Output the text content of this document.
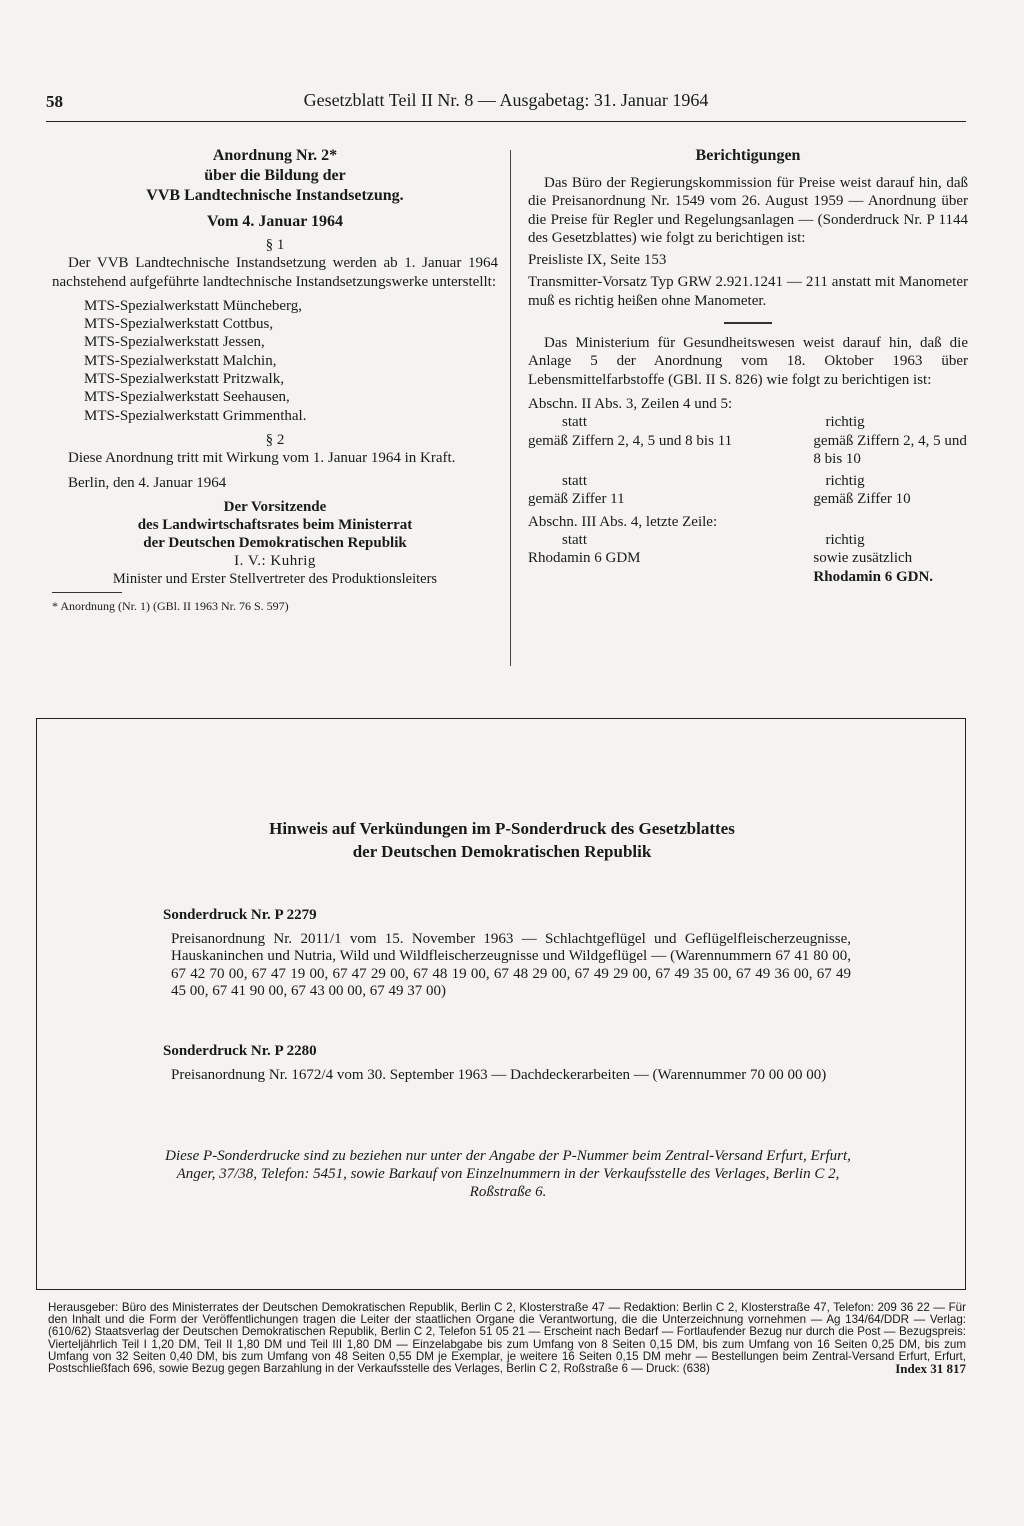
58	Gesetzblatt Teil II Nr. 8 — Ausgabetag: 31. Januar 1964
Anordnung Nr. 2*
über die Bildung der
VVB Landtechnische Instandsetzung.
Vom 4. Januar 1964
§ 1

Der VVB Landtechnische Instandsetzung werden ab 1. Januar 1964 nachstehend aufgeführte landtechnische Instandsetzungswerke unterstellt:

MTS-Spezialwerkstatt Müncheberg,
MTS-Spezialwerkstatt Cottbus,
MTS-Spezialwerkstatt Jessen,
MTS-Spezialwerkstatt Malchin,
MTS-Spezialwerkstatt Pritzwalk,
MTS-Spezialwerkstatt Seehausen,
MTS-Spezialwerkstatt Grimmenthal.
§ 2

Diese Anordnung tritt mit Wirkung vom 1. Januar 1964 in Kraft.

Berlin, den 4. Januar 1964

Der Vorsitzende
des Landwirtschaftsrates beim Ministerrat
der Deutschen Demokratischen Republik
I. V.: Kuhrig
Minister und Erster Stellvertreter des Produktionsleiters
* Anordnung (Nr. 1) (GBl. II 1963 Nr. 76 S. 597)
Berichtigungen

Das Büro der Regierungskommission für Preise weist darauf hin, daß die Preisanordnung Nr. 1549 vom 26. August 1959 — Anordnung über die Preise für Regler und Regelungsanlagen — (Sonderdruck Nr. P 1144 des Gesetzblattes) wie folgt zu berichtigen ist:

Preisliste IX, Seite 153

Transmitter-Vorsatz Typ GRW 2.921.1241 — 211 anstatt mit Manometer muß es richtig heißen ohne Manometer.

Das Ministerium für Gesundheitswesen weist darauf hin, daß die Anlage 5 der Anordnung vom 18. Oktober 1963 über Lebensmittelfarbstoffe (GBl. II S. 826) wie folgt zu berichtigen ist:

Abschn. II Abs. 3, Zeilen 4 und 5:
statt	richtig
gemäß Ziffern 2, 4, 5 und 8 bis 11	gemäß Ziffern 2, 4, 5 und 8 bis 10
statt	richtig
gemäß Ziffer 11	gemäß Ziffer 10
Abschn. III Abs. 4, letzte Zeile:
statt	richtig
Rhodamin 6 GDM	sowie zusätzlich
Rhodamin 6 GDN.
Hinweis auf Verkündungen im P-Sonderdruck des Gesetzblattes
der Deutschen Demokratischen Republik
Sonderdruck Nr. P 2279
Preisanordnung Nr. 2011/1 vom 15. November 1963 — Schlachtgeflügel und Geflügelfleischerzeugnisse, Hauskaninchen und Nutria, Wild und Wildfleischerzeugnisse und Wildgeflügel — (Warennummern 67 41 80 00, 67 42 70 00, 67 47 19 00, 67 47 29 00, 67 48 19 00, 67 48 29 00, 67 49 29 00, 67 49 35 00, 67 49 36 00, 67 49 45 00, 67 41 90 00, 67 43 00 00, 67 49 37 00)
Sonderdruck Nr. P 2280
Preisanordnung Nr. 1672/4 vom 30. September 1963 — Dachdeckerarbeiten — (Warennummer 70 00 00 00)
Diese P-Sonderdrucke sind zu beziehen nur unter der Angabe der P-Nummer beim Zentral-Versand Erfurt, Erfurt, Anger, 37/38, Telefon: 5451, sowie Barkauf von Einzelnummern in der Verkaufsstelle des Verlages, Berlin C 2, Roßstraße 6.
Herausgeber: Büro des Ministerrates der Deutschen Demokratischen Republik, Berlin C 2, Klosterstraße 47 — Redaktion: Berlin C 2, Klosterstraße 47, Telefon: 209 36 22 — Für den Inhalt und die Form der Veröffentlichungen tragen die Leiter der staatlichen Organe die Verantwortung, die die Unterzeichnung vornehmen — Ag 134/64/DDR — Verlag: (610/62) Staatsverlag der Deutschen Demokratischen Republik, Berlin C 2, Telefon 51 05 21 — Erscheint nach Bedarf — Fortlaufender Bezug nur durch die Post — Bezugspreis: Vierteljährlich Teil I 1,20 DM, Teil II 1,80 DM und Teil III 1,80 DM — Einzelabgabe bis zum Umfang von 8 Seiten 0,15 DM, bis zum Umfang von 16 Seiten 0,25 DM, bis zum Umfang von 32 Seiten 0,40 DM, bis zum Umfang von 48 Seiten 0,55 DM je Exemplar, je weitere 16 Seiten 0,15 DM mehr — Bestellungen beim Zentral-Versand Erfurt, Erfurt, Postschließfach 696, sowie Bezug gegen Barzahlung in der Verkaufsstelle des Verlages, Berlin C 2, Roßstraße 6 — Druck: (638)	Index 31 817
